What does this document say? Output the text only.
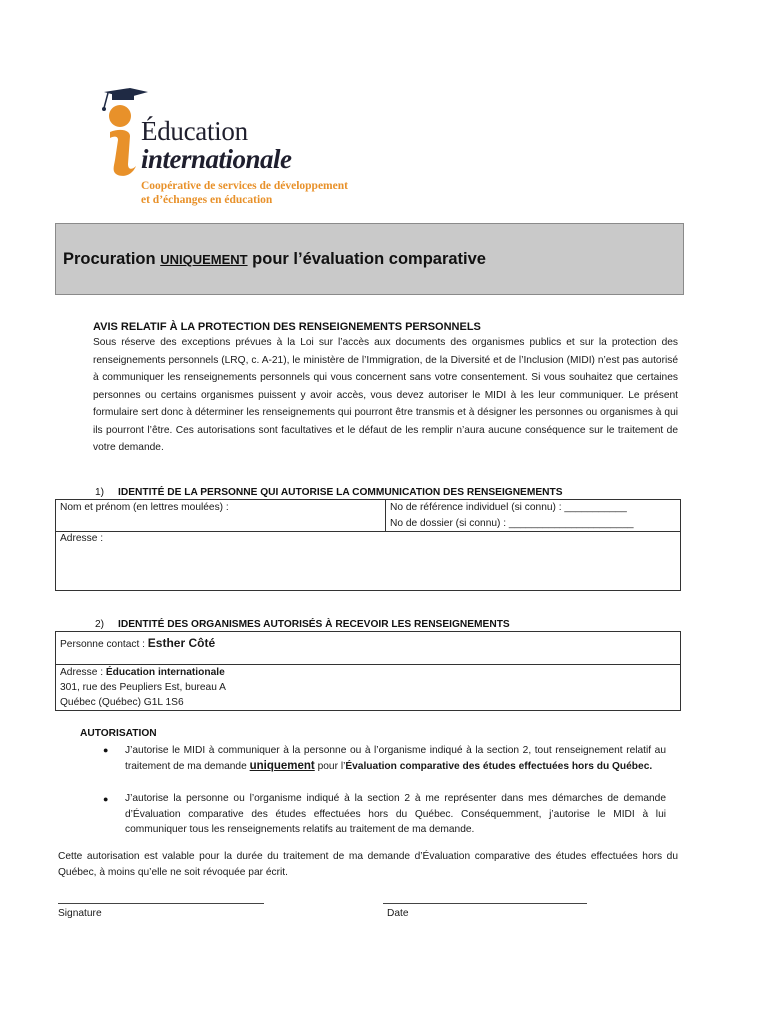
Éducation
internationale
Coopérative de services de développement
et d’échanges en éducation
Procuration UNIQUEMENT pour l’évaluation comparative
AVIS RELATIF À LA PROTECTION DES RENSEIGNEMENTS PERSONNELS
Sous réserve des exceptions prévues à la Loi sur l’accès aux documents des organismes publics et sur la protection des renseignements personnels (LRQ, c. A-21), le ministère de l’Immigration, de la Diversité et de l’Inclusion (MIDI) n’est pas autorisé à communiquer les renseignements personnels qui vous concernent sans votre consentement. Si vous souhaitez que certaines personnes ou certains organismes puissent y avoir accès, vous devez autoriser le MIDI à les leur communiquer. Le présent formulaire sert donc à déterminer les renseignements qui pourront être transmis et à désigner les personnes ou organismes à qui ils pourront l’être. Ces autorisations sont facultatives et le défaut de les remplir n’aura aucune conséquence sur le traitement de votre demande.
1) IDENTITÉ DE LA PERSONNE QUI AUTORISE LA COMMUNICATION DES RENSEIGNEMENTS
Nom et prénom (en lettres moulées) :	No de référence individuel (si connu) : ___________
No de dossier (si connu) : ______________________
Adresse :
2) IDENTITÉ DES ORGANISMES AUTORISÉS À RECEVOIR LES RENSEIGNEMENTS
Personne contact : Esther Côté
Adresse : Éducation internationale
301, rue des Peupliers Est, bureau A
Québec (Québec) G1L 1S6
AUTORISATION
● J’autorise le MIDI à communiquer à la personne ou à l’organisme indiqué à la section 2, tout renseignement relatif au traitement de ma demande uniquement pour l’Évaluation comparative des études effectuées hors du Québec.
● J’autorise la personne ou l’organisme indiqué à la section 2 à me représenter dans mes démarches de demande d’Évaluation comparative des études effectuées hors du Québec. Conséquemment, j’autorise le MIDI à lui communiquer tous les renseignements relatifs au traitement de ma demande.
Cette autorisation est valable pour la durée du traitement de ma demande d’Évaluation comparative des études effectuées hors du Québec, à moins qu’elle ne soit révoquée par écrit.
Signature	Date
